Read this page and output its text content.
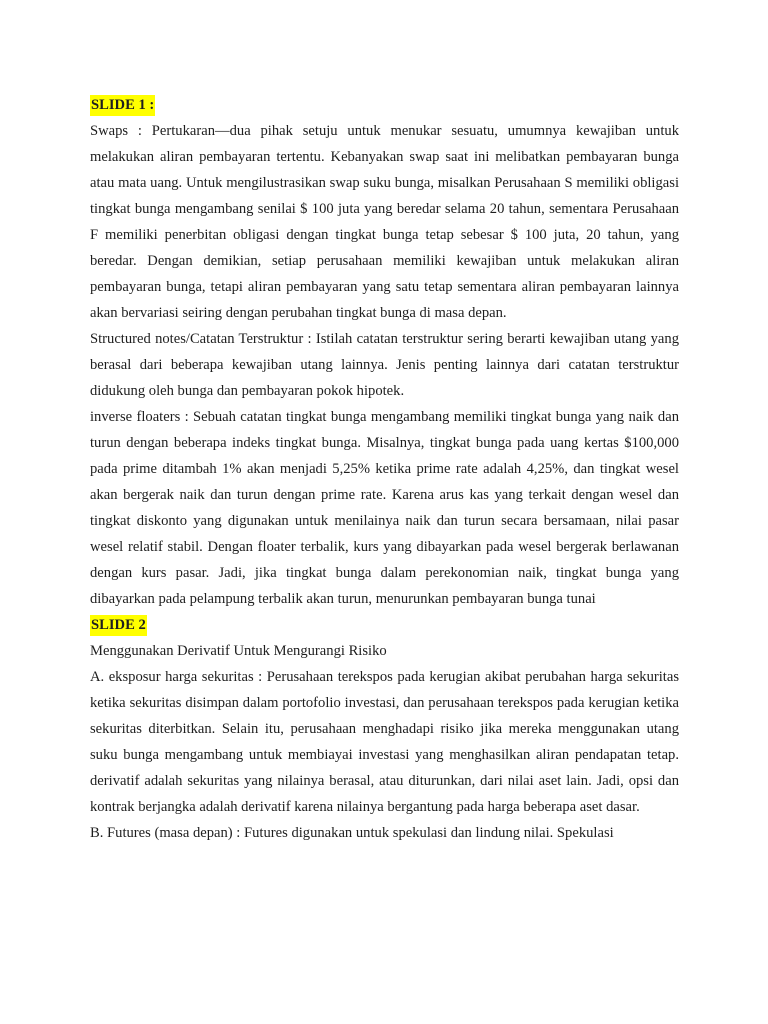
SLIDE 1 :

Swaps : Pertukaran—dua pihak setuju untuk menukar sesuatu, umumnya kewajiban untuk melakukan aliran pembayaran tertentu. Kebanyakan swap saat ini melibatkan pembayaran bunga atau mata uang. Untuk mengilustrasikan swap suku bunga, misalkan Perusahaan S memiliki obligasi tingkat bunga mengambang senilai $ 100 juta yang beredar selama 20 tahun, sementara Perusahaan F memiliki penerbitan obligasi dengan tingkat bunga tetap sebesar $ 100 juta, 20 tahun, yang beredar. Dengan demikian, setiap perusahaan memiliki kewajiban untuk melakukan aliran pembayaran bunga, tetapi aliran pembayaran yang satu tetap sementara aliran pembayaran lainnya akan bervariasi seiring dengan perubahan tingkat bunga di masa depan.

Structured notes/Catatan Terstruktur : Istilah catatan terstruktur sering berarti kewajiban utang yang berasal dari beberapa kewajiban utang lainnya. Jenis penting lainnya dari catatan terstruktur didukung oleh bunga dan pembayaran pokok hipotek.

inverse floaters : Sebuah catatan tingkat bunga mengambang memiliki tingkat bunga yang naik dan turun dengan beberapa indeks tingkat bunga. Misalnya, tingkat bunga pada uang kertas $100,000 pada prime ditambah 1% akan menjadi 5,25% ketika prime rate adalah 4,25%, dan tingkat wesel akan bergerak naik dan turun dengan prime rate. Karena arus kas yang terkait dengan wesel dan tingkat diskonto yang digunakan untuk menilainya naik dan turun secara bersamaan, nilai pasar wesel relatif stabil. Dengan floater terbalik, kurs yang dibayarkan pada wesel bergerak berlawanan dengan kurs pasar. Jadi, jika tingkat bunga dalam perekonomian naik, tingkat bunga yang dibayarkan pada pelampung terbalik akan turun, menurunkan pembayaran bunga tunai

SLIDE 2

Menggunakan Derivatif Untuk Mengurangi Risiko

A. eksposur harga sekuritas : Perusahaan terekspos pada kerugian akibat perubahan harga sekuritas ketika sekuritas disimpan dalam portofolio investasi, dan perusahaan terekspos pada kerugian ketika sekuritas diterbitkan. Selain itu, perusahaan menghadapi risiko jika mereka menggunakan utang suku bunga mengambang untuk membiayai investasi yang menghasilkan aliran pendapatan tetap. derivatif adalah sekuritas yang nilainya berasal, atau diturunkan, dari nilai aset lain. Jadi, opsi dan kontrak berjangka adalah derivatif karena nilainya bergantung pada harga beberapa aset dasar.

B. Futures (masa depan) : Futures digunakan untuk spekulasi dan lindung nilai. Spekulasi
